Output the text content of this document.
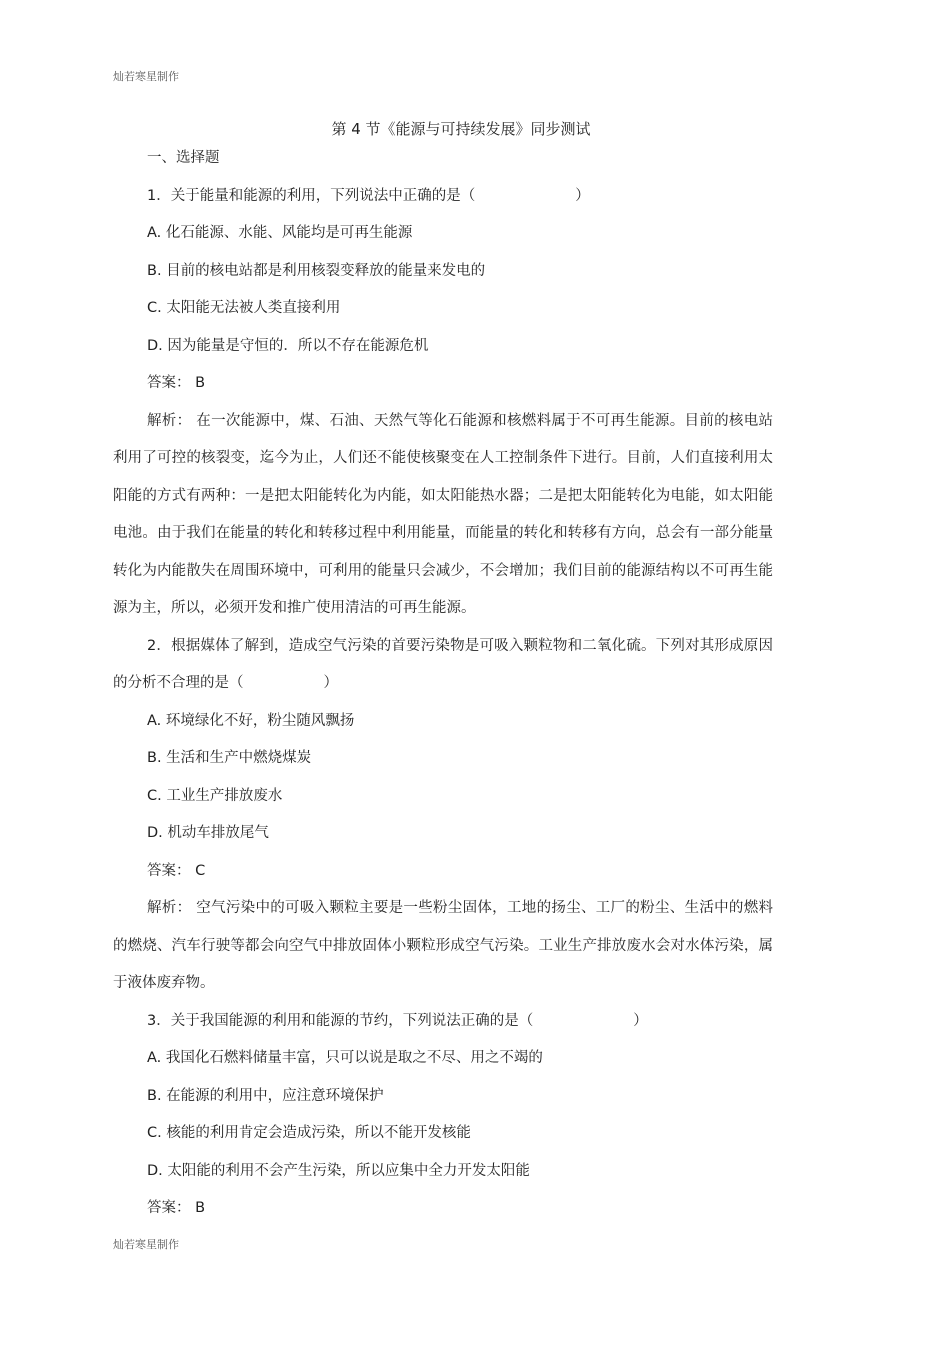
灿若寒星制作
第 4 节《能源与可持续发展》同步测试
一、选择题
1．关于能量和能源的利用，下列说法中正确的是（	）
A. 化石能源、水能、风能均是可再生能源
B. 目前的核电站都是利用核裂变释放的能量来发电的
C. 太阳能无法被人类直接利用
D. 因为能量是守恒的．所以不存在能源危机
答案： B
解析： 在一次能源中，煤、石油、天然气等化石能源和核燃料属于不可再生能源。目前的核电站利用了可控的核裂变，迄今为止，人们还不能使核聚变在人工控制条件下进行。目前，人们直接利用太阳能的方式有两种：一是把太阳能转化为内能，如太阳能热水器；二是把太阳能转化为电能，如太阳能电池。由于我们在能量的转化和转移过程中利用能量，而能量的转化和转移有方向，总会有一部分能量转化为内能散失在周围环境中，可利用的能量只会减少，不会增加；我们目前的能源结构以不可再生能源为主，所以，必须开发和推广使用清洁的可再生能源。
2．根据媒体了解到，造成空气污染的首要污染物是可吸入颗粒物和二氧化硫。下列对其形成原因的分析不合理的是（	）
A. 环境绿化不好，粉尘随风飘扬
B. 生活和生产中燃烧煤炭
C. 工业生产排放废水
D. 机动车排放尾气
答案： C
解析： 空气污染中的可吸入颗粒主要是一些粉尘固体，工地的扬尘、工厂的粉尘、生活中的燃料的燃烧、汽车行驶等都会向空气中排放固体小颗粒形成空气污染。工业生产排放废水会对水体污染，属于液体废弃物。
3．关于我国能源的利用和能源的节约，下列说法正确的是（	）
A. 我国化石燃料储量丰富，只可以说是取之不尽、用之不竭的
B. 在能源的利用中，应注意环境保护
C. 核能的利用肯定会造成污染，所以不能开发核能
D. 太阳能的利用不会产生污染，所以应集中全力开发太阳能
答案： B
灿若寒星制作
